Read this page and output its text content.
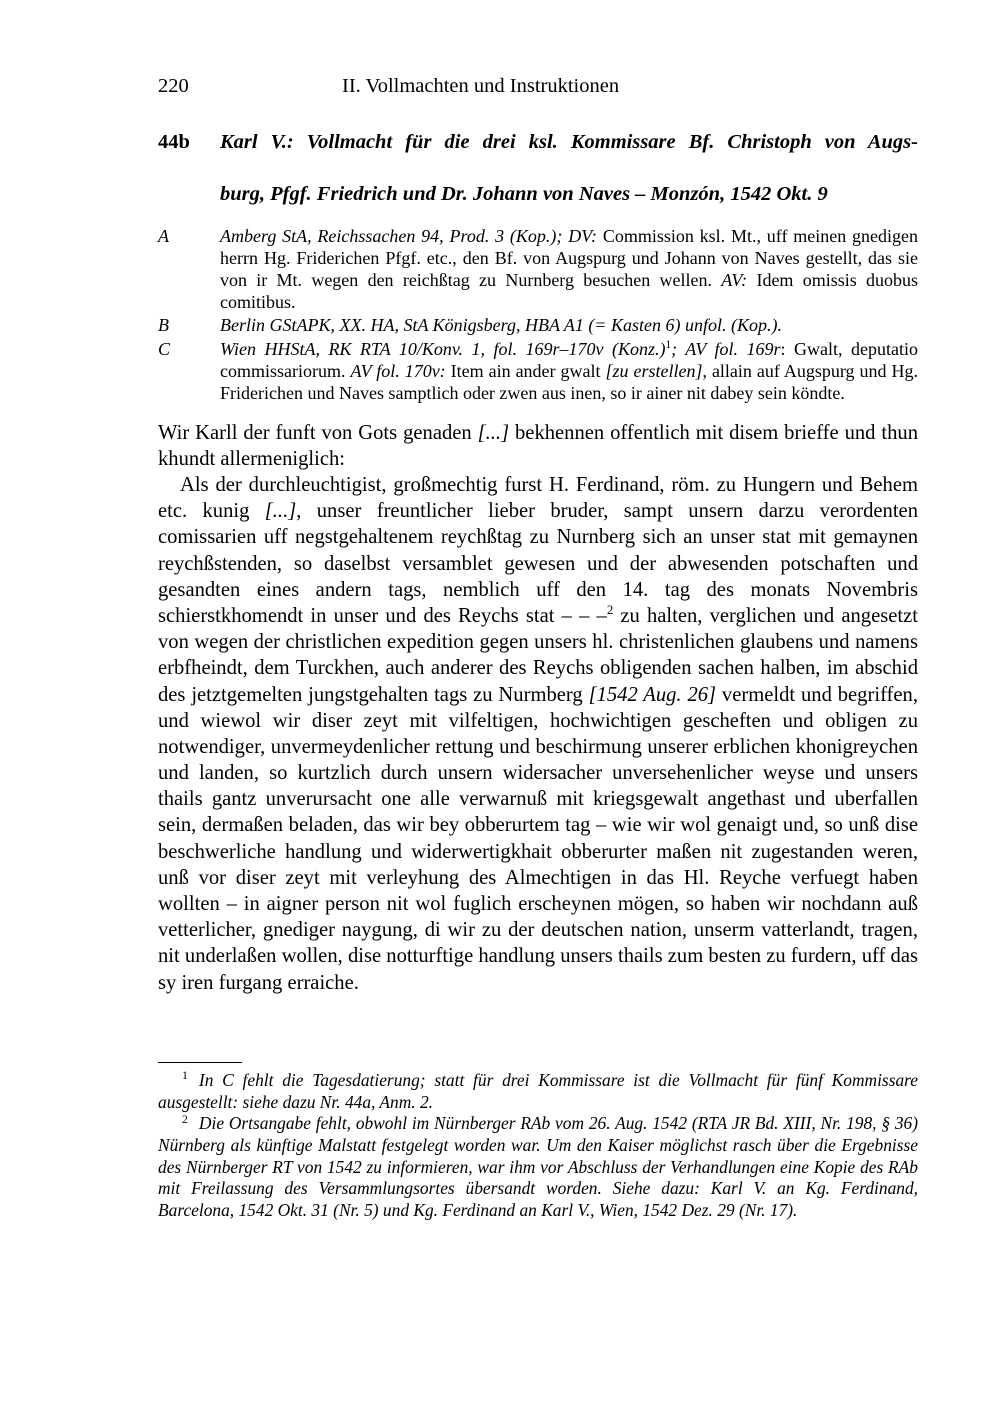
220	II. Vollmachten und Instruktionen
44b	Karl V.: Vollmacht für die drei ksl. Kommissare Bf. Christoph von Augs-
burg, Pfgf. Friedrich und Dr. Johann von Naves – Monzón, 1542 Okt. 9
A	Amberg StA, Reichssachen 94, Prod. 3 (Kop.); DV: Commission ksl. Mt., uff meinen gnedigen herrn Hg. Friderichen Pfgf. etc., den Bf. von Augspurg und Johann von Naves gestellt, das sie von ir Mt. wegen den reichßtag zu Nurnberg besuchen wellen. AV: Idem omissis duobus comitibus.
B	Berlin GStAPK, XX. HA, StA Königsberg, HBA A1 (= Kasten 6) unfol. (Kop.).
C	Wien HHStA, RK RTA 10/Konv. 1, fol. 169r–170v (Konz.)$^1$; AV fol. 169r: Gwalt, deputatio commissariorum. AV fol. 170v: Item ain ander gwalt [zu erstellen], allain auf Augspurg und Hg. Friderichen und Naves samptlich oder zwen aus inen, so ir ainer nit dabey sein köndte.

Wir Karll der funft von Gots genaden [...] bekhennen offentlich mit disem brieffe und thun khundt allermeniglich:

Als der durchleuchtigist, großmechtig furst H. Ferdinand, röm. zu Hungern und Behem etc. kunig [...], unser freuntlicher lieber bruder, sampt unsern darzu verordenten comissarien uff negstgehaltenem reychßtag zu Nurnberg sich an unser stat mit gemaynen reychßstenden, so daselbst versamblet gewesen und der abwesenden potschaften und gesandten eines andern tags, nemblich uff den 14. tag des monats Novembris schierstkhomendt in unser und des Reychs stat – – –$^2$ zu halten, verglichen und angesetzt von wegen der christlichen expedition gegen unsers hl. christenlichen glaubens und namens erbfheindt, dem Turckhen, auch anderer des Reychs obligenden sachen halben, im abschid des jetztgemelten jungstgehalten tags zu Nurmberg [1542 Aug. 26] vermeldt und begriffen, und wiewol wir diser zeyt mit vilfeltigen, hochwichtigen gescheften und obligen zu notwendiger, unvermeydenlicher rettung und beschirmung unserer erblichen khonigreychen und landen, so kurtzlich durch unsern widersacher unversehenlicher weyse und unsers thails gantz unverursacht one alle verwarnuß mit kriegsgewalt angethast und uberfallen sein, dermaßen beladen, das wir bey obberurtem tag – wie wir wol genaigt und, so unß dise beschwerliche handlung und widerwertigkhait obberurter maßen nit zugestanden weren, unß vor diser zeyt mit verleyhung des Almechtigen in das Hl. Reyche verfuegt haben wollten – in aigner person nit wol fuglich erscheynen mögen, so haben wir nochdann auß vetterlicher, gnediger naygung, di wir zu der deutschen nation, unserm vatterlandt, tragen, nit underlaßen wollen, dise notturftige handlung unsers thails zum besten zu furdern, uff das sy iren furgang erraiche.

$^1$ In C fehlt die Tagesdatierung; statt für drei Kommissare ist die Vollmacht für fünf Kommissare ausgestellt: siehe dazu Nr. 44a, Anm. 2.

$^2$ Die Ortsangabe fehlt, obwohl im Nürnberger RAb vom 26. Aug. 1542 (RTA JR Bd. XIII, Nr. 198, § 36) Nürnberg als künftige Malstatt festgelegt worden war. Um den Kaiser möglichst rasch über die Ergebnisse des Nürnberger RT von 1542 zu informieren, war ihm vor Abschluss der Verhandlungen eine Kopie des RAb mit Freilassung des Versammlungsortes übersandt worden. Siehe dazu: Karl V. an Kg. Ferdinand, Barcelona, 1542 Okt. 31 (Nr. 5) und Kg. Ferdinand an Karl V., Wien, 1542 Dez. 29 (Nr. 17).
